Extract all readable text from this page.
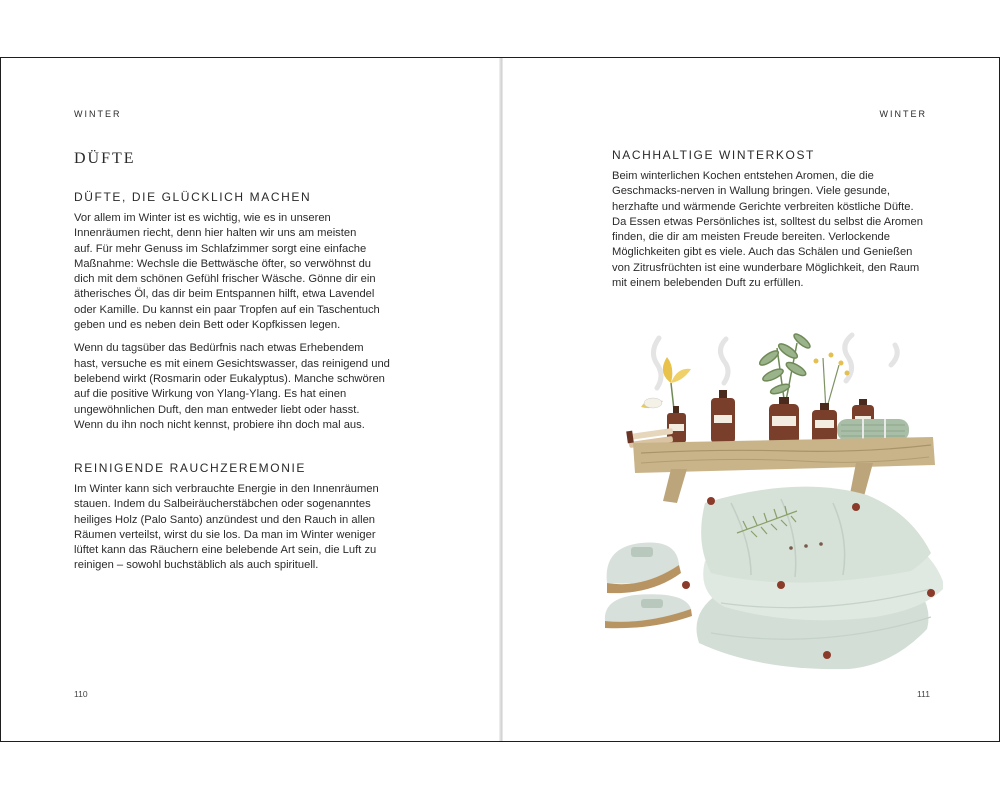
WINTER
DÜFTE
DÜFTE, DIE GLÜCKLICH MACHEN

Vor allem im Winter ist es wichtig, wie es in unseren
Innenräumen riecht, denn hier halten wir uns am meisten
auf. Für mehr Genuss im Schlafzimmer sorgt eine einfache
Maßnahme: Wechsle die Bettwäsche öfter, so verwöhnst du
dich mit dem schönen Gefühl frischer Wäsche. Gönne dir ein
ätherisches Öl, das dir beim Entspannen hilft, etwa Lavendel
oder Kamille. Du kannst ein paar Tropfen auf ein Taschentuch
geben und es neben dein Bett oder Kopfkissen legen.

Wenn du tagsüber das Bedürfnis nach etwas Erhebendem
hast, versuche es mit einem Gesichtswasser, das reinigend und
belebend wirkt (Rosmarin oder Eukalyptus). Manche schwören
auf die positive Wirkung von Ylang-Ylang. Es hat einen
ungewöhnlichen Duft, den man entweder liebt oder hasst.
Wenn du ihn noch nicht kennst, probiere ihn doch mal aus.

REINIGENDE RAUCHZEREMONIE

Im Winter kann sich verbrauchte Energie in den Innenräumen
stauen. Indem du Salbeiräucherstäbchen oder sogenanntes
heiliges Holz (Palo Santo) anzündest und den Rauch in allen
Räumen verteilst, wirst du sie los. Da man im Winter weniger
lüftet kann das Räuchern eine belebende Art sein, die Luft zu
reinigen – sowohl buchstäblich als auch spirituell.

110
WINTER
NACHHALTIGE WINTERKOST

Beim winterlichen Kochen entstehen Aromen, die die
Geschmacks-nerven in Wallung bringen. Viele gesunde,
herzhafte und wärmende Gerichte verbreiten köstliche Düfte.
Da Essen etwas Persönliches ist, solltest du selbst die Aromen
finden, die dir am meisten Freude bereiten. Verlockende
Möglichkeiten gibt es viele. Auch das Schälen und Genießen
von Zitrusfrüchten ist eine wunderbare Möglichkeit, den Raum
mit einem belebenden Duft zu erfüllen.

111
